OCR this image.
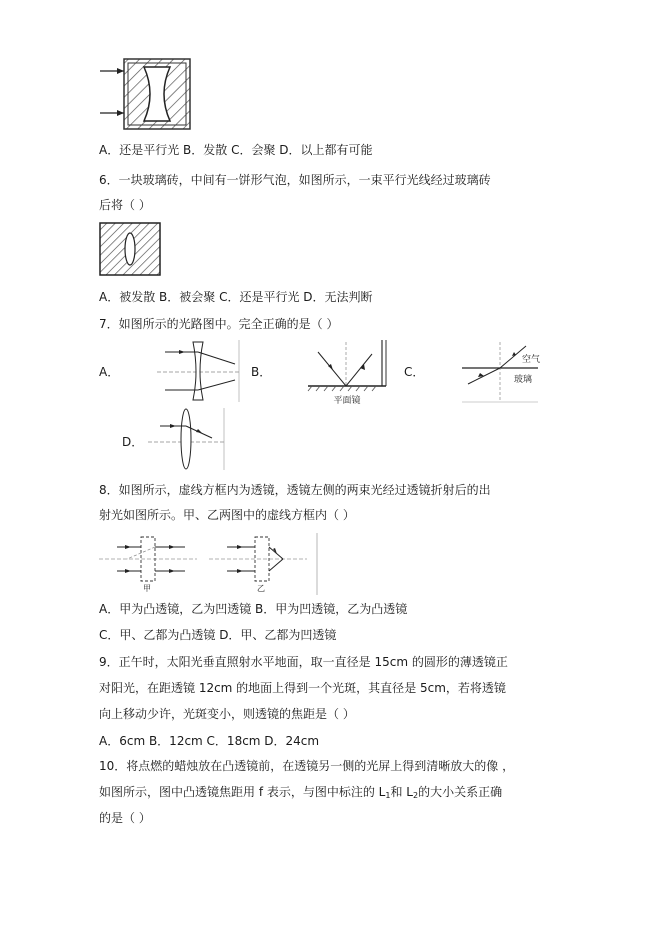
A．还是平行光 B．发散 C．会聚 D．以上都有可能
6．一块玻璃砖，中间有一饼形气泡，如图所示，一束平行光线经过玻璃砖
后将（ ）
A．被发散 B．被会聚 C．还是平行光 D．无法判断
7．如图所示的光路图中。完全正确的是（ ）
A．	B．
平面镜
C．
空气
玻璃
D．
8．如图所示，虚线方框内为透镜，透镜左侧的两束光经过透镜折射后的出
射光如图所示。甲、乙两图中的虚线方框内（ ）
甲	乙
A．甲为凸透镜，乙为凹透镜 B．甲为凹透镜，乙为凸透镜
C．甲、乙都为凸透镜 D．甲、乙都为凹透镜
9．正午时，太阳光垂直照射水平地面，取一直径是 15cm 的圆形的薄透镜正
对阳光，在距透镜 12cm 的地面上得到一个光斑，其直径是 5cm，若将透镜
向上移动少许，光斑变小，则透镜的焦距是（ ）
A．6cm B．12cm C．18cm D．24cm
10．将点燃的蜡烛放在凸透镜前，在透镜另一侧的光屏上得到清晰放大的像 ，
如图所示，图中凸透镜焦距用 f 表示，与图中标注的 $L_1$和 $L_2$的大小关系正确
的是（ ）
